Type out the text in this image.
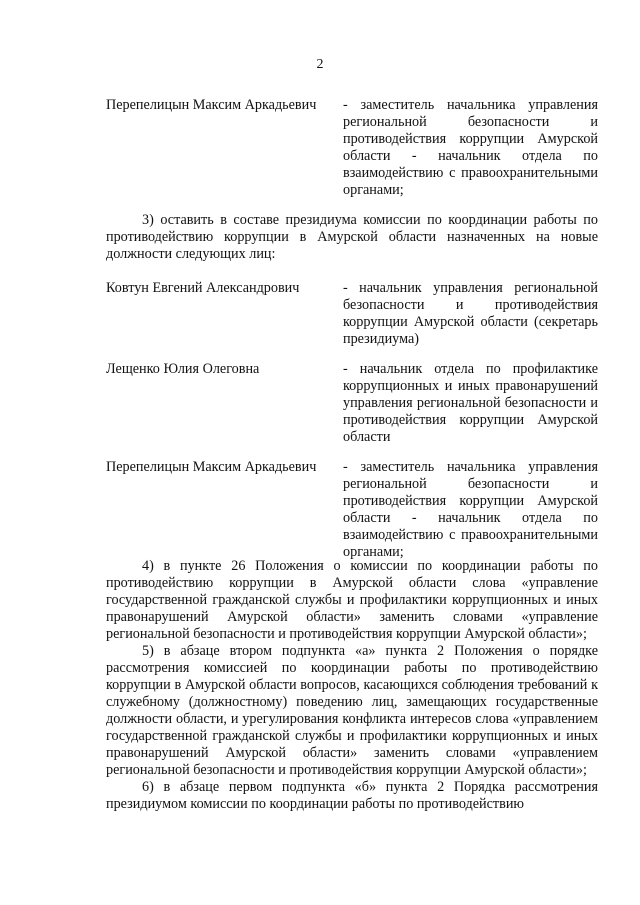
2
Перепелицын Максим Аркадьевич	- заместитель начальника управления региональной безопасности и противодействия коррупции Амурской области - начальник отдела по взаимодействию с правоохранительными органами;

3) оставить в составе президиума комиссии по координации работы по противодействию коррупции в Амурской области назначенных на новые должности следующих лиц:

Ковтун Евгений Александрович	- начальник управления региональной безопасности и противодействия коррупции Амурской области (секретарь президиума)
Лещенко Юлия Олеговна	- начальник отдела по профилактике коррупционных и иных правонарушений управления региональной безопасности и противодействия коррупции Амурской области
Перепелицын Максим Аркадьевич	- заместитель начальника управления региональной безопасности и противодействия коррупции Амурской области - начальник отдела по взаимодействию с правоохранительными органами;

4) в пункте 26 Положения о комиссии по координации работы по противодействию коррупции в Амурской области слова «управление государственной гражданской службы и профилактики коррупционных и иных правонарушений Амурской области» заменить словами «управление региональной безопасности и противодействия коррупции Амурской области»;

5) в абзаце втором подпункта «а» пункта 2 Положения о порядке рассмотрения комиссией по координации работы по противодействию коррупции в Амурской области вопросов, касающихся соблюдения требований к служебному (должностному) поведению лиц, замещающих государственные должности области, и урегулирования конфликта интересов слова «управлением государственной гражданской службы и профилактики коррупционных и иных правонарушений Амурской области» заменить словами «управлением региональной безопасности и противодействия коррупции Амурской области»;

6) в абзаце первом подпункта «б» пункта 2 Порядка рассмотрения президиумом комиссии по координации работы по противодействию
